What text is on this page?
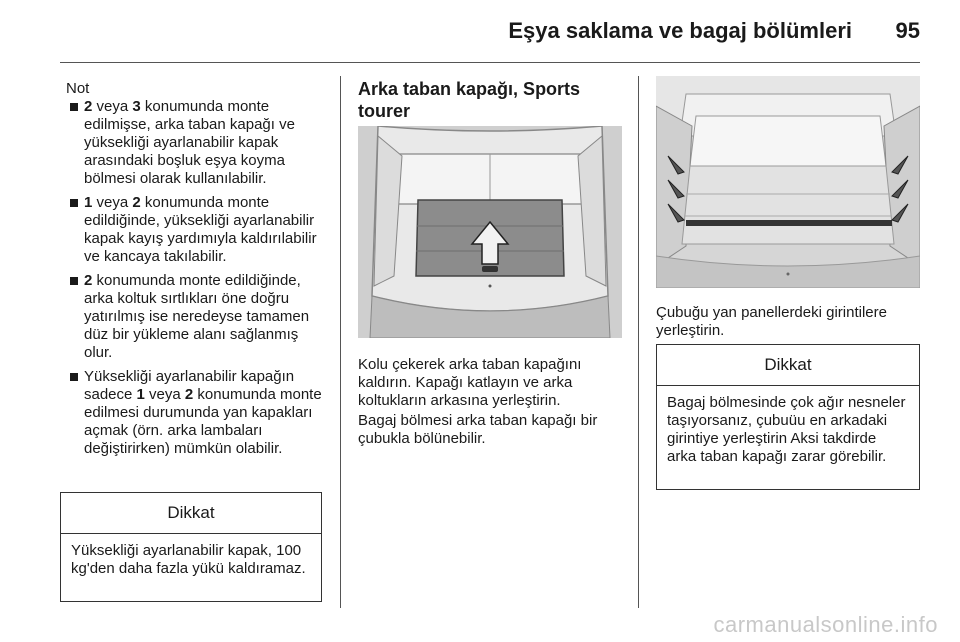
Eşya saklama ve bagaj bölümleri 95
Not
2 veya 3 konumunda monte edilmişse, arka taban kapağı ve yüksekliği ayarlanabilir kapak arasındaki boşluk eşya koyma bölmesi olarak kullanılabilir.
1 veya 2 konumunda monte edildiğinde, yüksekliği ayarlanabilir kapak kayış yardımıyla kaldırılabilir ve kancaya takılabilir.
2 konumunda monte edildiğinde, arka koltuk sırtlıkları öne doğru yatırılmış ise neredeyse tamamen düz bir yükleme alanı sağlanmış olur.
Yüksekliği ayarlanabilir kapağın sadece 1 veya 2 konumunda monte edilmesi durumunda yan kapakları açmak (örn. arka lambaları değiştirirken) mümkün olabilir.
Dikkat
Yüksekliği ayarlanabilir kapak, 100 kg'den daha fazla yükü kaldıramaz.
Arka taban kapağı, Sports tourer
Kolu çekerek arka taban kapağını kaldırın. Kapağı katlayın ve arka koltukların arkasına yerleştirin.
Bagaj bölmesi arka taban kapağı bir çubukla bölünebilir.
Çubuğu yan panellerdeki girintilere yerleştirin.
Dikkat
Bagaj bölmesinde çok ağır nesneler taşıyorsanız, çubuüu en arkadaki girintiye yerleştirin Aksi takdirde arka taban kapağı zarar görebilir.
carmanualsonline.info
